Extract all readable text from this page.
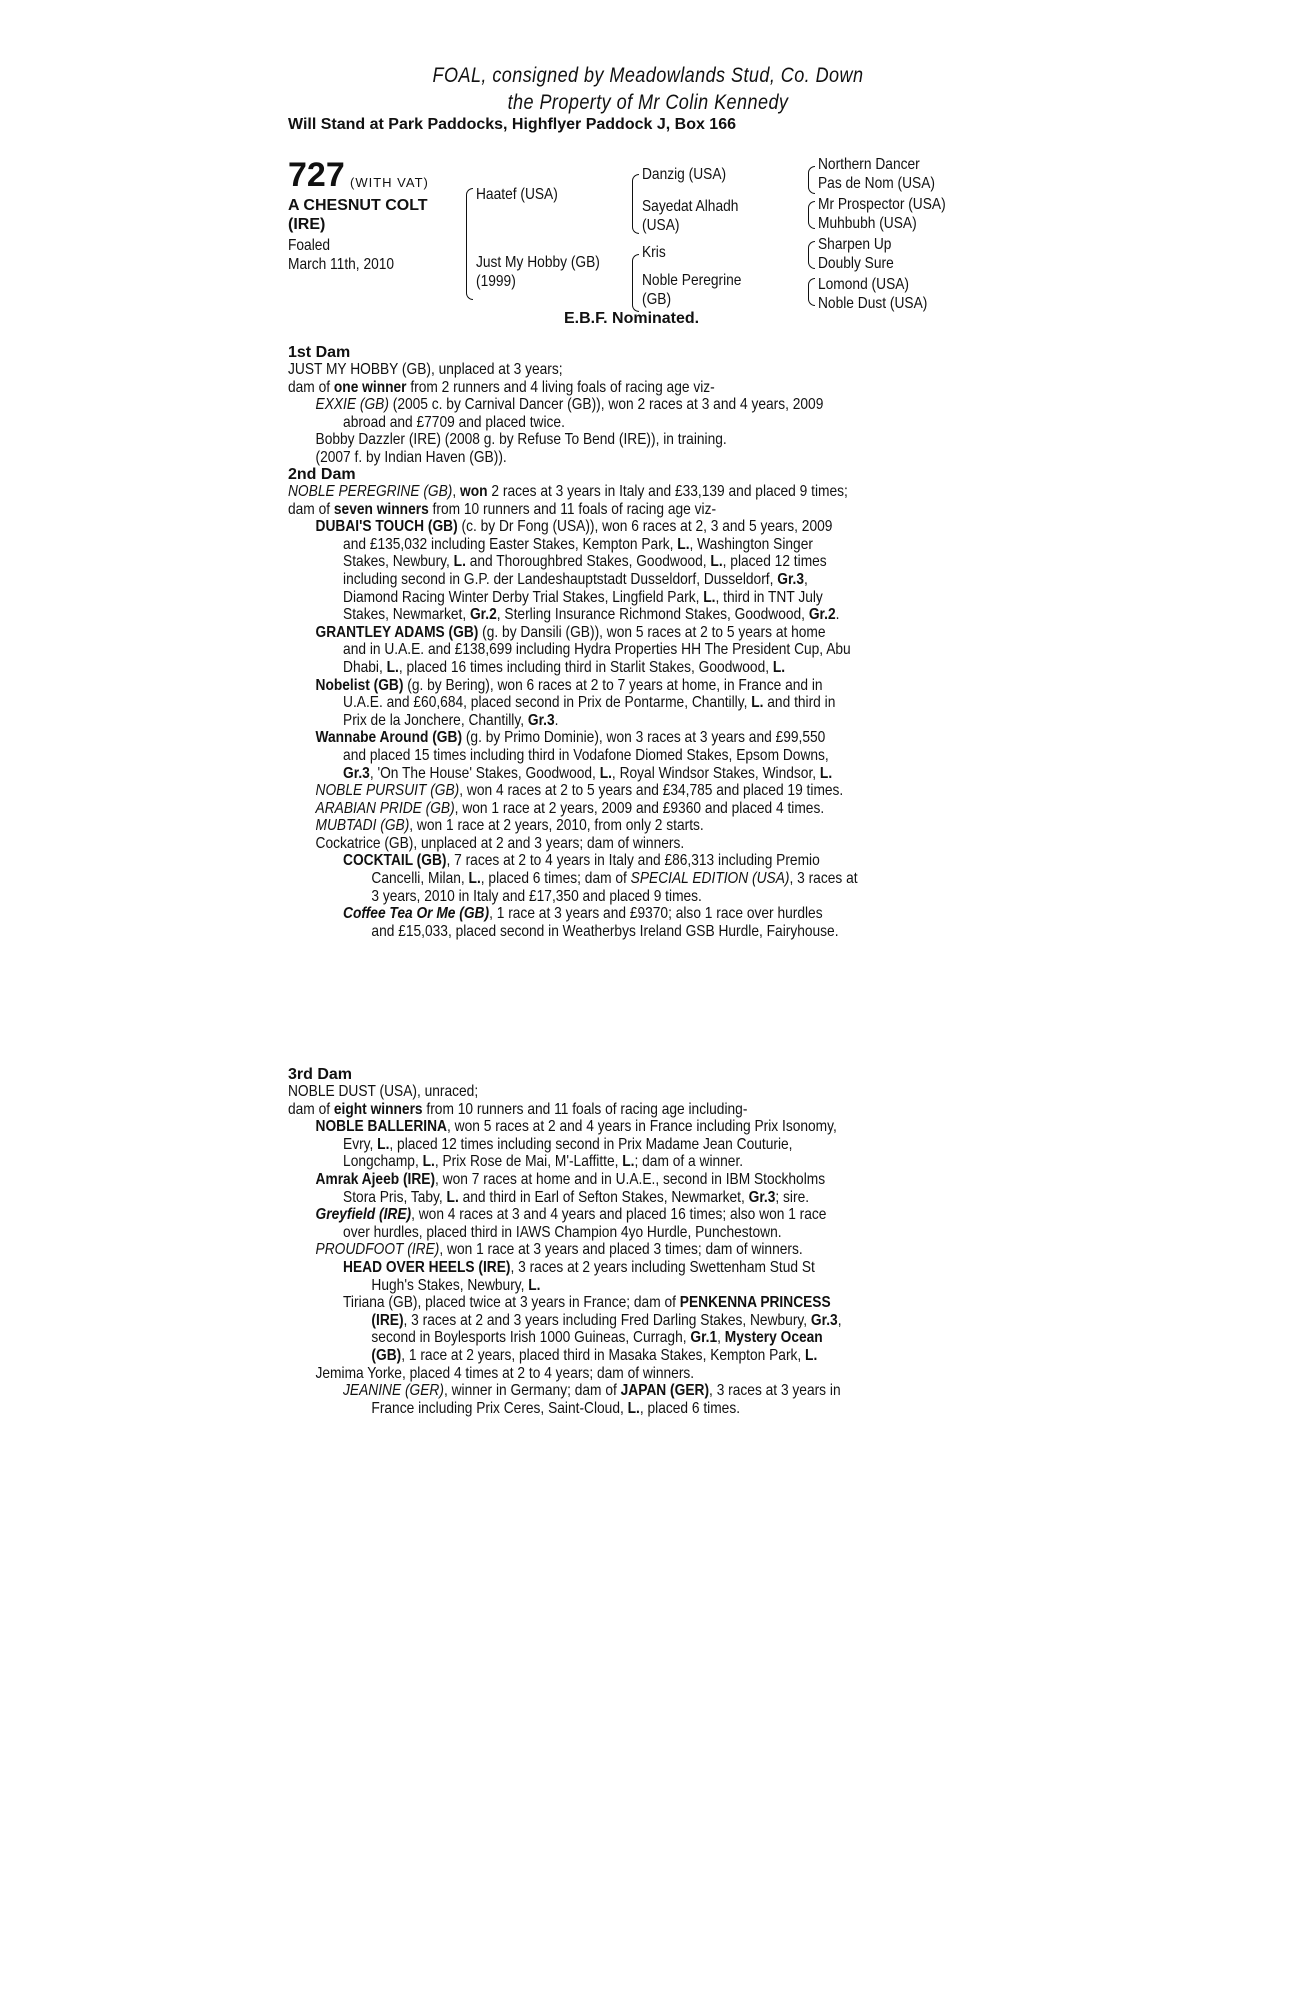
FOAL, consigned by Meadowlands Stud, Co. Down
the Property of Mr Colin Kennedy
Will Stand at Park Paddocks, Highflyer Paddock J, Box 166
727 (WITH VAT)
A CHESNUT COLT
(IRE)
Foaled
March 11th, 2010
Haatef (USA)
Just My Hobby (GB)
(1999)
Danzig (USA)
Sayedat Alhadh
(USA)
Kris
Noble Peregrine
(GB)
Northern Dancer
Pas de Nom (USA)
Mr Prospector (USA)
Muhbubh (USA)
Sharpen Up
Doubly Sure
Lomond (USA)
Noble Dust (USA)
E.B.F. Nominated.
1st Dam
JUST MY HOBBY (GB), unplaced at 3 years;
dam of one winner from 2 runners and 4 living foals of racing age viz-
EXXIE (GB) (2005 c. by Carnival Dancer (GB)), won 2 races at 3 and 4 years, 2009
abroad and £7709 and placed twice.
Bobby Dazzler (IRE) (2008 g. by Refuse To Bend (IRE)), in training.
(2007 f. by Indian Haven (GB)).
2nd Dam
NOBLE PEREGRINE (GB), won 2 races at 3 years in Italy and £33,139 and placed 9 times;
dam of seven winners from 10 runners and 11 foals of racing age viz-
DUBAI'S TOUCH (GB) (c. by Dr Fong (USA)), won 6 races at 2, 3 and 5 years, 2009
and £135,032 including Easter Stakes, Kempton Park, L., Washington Singer
Stakes, Newbury, L. and Thoroughbred Stakes, Goodwood, L., placed 12 times
including second in G.P. der Landeshauptstadt Dusseldorf, Dusseldorf, Gr.3,
Diamond Racing Winter Derby Trial Stakes, Lingfield Park, L., third in TNT July
Stakes, Newmarket, Gr.2, Sterling Insurance Richmond Stakes, Goodwood, Gr.2.
GRANTLEY ADAMS (GB) (g. by Dansili (GB)), won 5 races at 2 to 5 years at home
and in U.A.E. and £138,699 including Hydra Properties HH The President Cup, Abu
Dhabi, L., placed 16 times including third in Starlit Stakes, Goodwood, L.
Nobelist (GB) (g. by Bering), won 6 races at 2 to 7 years at home, in France and in
U.A.E. and £60,684, placed second in Prix de Pontarme, Chantilly, L. and third in
Prix de la Jonchere, Chantilly, Gr.3.
Wannabe Around (GB) (g. by Primo Dominie), won 3 races at 3 years and £99,550
and placed 15 times including third in Vodafone Diomed Stakes, Epsom Downs,
Gr.3, 'On The House' Stakes, Goodwood, L., Royal Windsor Stakes, Windsor, L.
NOBLE PURSUIT (GB), won 4 races at 2 to 5 years and £34,785 and placed 19 times.
ARABIAN PRIDE (GB), won 1 race at 2 years, 2009 and £9360 and placed 4 times.
MUBTADI (GB), won 1 race at 2 years, 2010, from only 2 starts.
Cockatrice (GB), unplaced at 2 and 3 years; dam of winners.
COCKTAIL (GB), 7 races at 2 to 4 years in Italy and £86,313 including Premio
Cancelli, Milan, L., placed 6 times; dam of SPECIAL EDITION (USA), 3 races at
3 years, 2010 in Italy and £17,350 and placed 9 times.
Coffee Tea Or Me (GB), 1 race at 3 years and £9370; also 1 race over hurdles
and £15,033, placed second in Weatherbys Ireland GSB Hurdle, Fairyhouse.
3rd Dam
NOBLE DUST (USA), unraced;
dam of eight winners from 10 runners and 11 foals of racing age including-
NOBLE BALLERINA, won 5 races at 2 and 4 years in France including Prix Isonomy,
Evry, L., placed 12 times including second in Prix Madame Jean Couturie,
Longchamp, L., Prix Rose de Mai, M'-Laffitte, L.; dam of a winner.
Amrak Ajeeb (IRE), won 7 races at home and in U.A.E., second in IBM Stockholms
Stora Pris, Taby, L. and third in Earl of Sefton Stakes, Newmarket, Gr.3; sire.
Greyfield (IRE), won 4 races at 3 and 4 years and placed 16 times; also won 1 race
over hurdles, placed third in IAWS Champion 4yo Hurdle, Punchestown.
PROUDFOOT (IRE), won 1 race at 3 years and placed 3 times; dam of winners.
HEAD OVER HEELS (IRE), 3 races at 2 years including Swettenham Stud St
Hugh's Stakes, Newbury, L.
Tiriana (GB), placed twice at 3 years in France; dam of PENKENNA PRINCESS
(IRE), 3 races at 2 and 3 years including Fred Darling Stakes, Newbury, Gr.3,
second in Boylesports Irish 1000 Guineas, Curragh, Gr.1, Mystery Ocean
(GB), 1 race at 2 years, placed third in Masaka Stakes, Kempton Park, L.
Jemima Yorke, placed 4 times at 2 to 4 years; dam of winners.
JEANINE (GER), winner in Germany; dam of JAPAN (GER), 3 races at 3 years in
France including Prix Ceres, Saint-Cloud, L., placed 6 times.
